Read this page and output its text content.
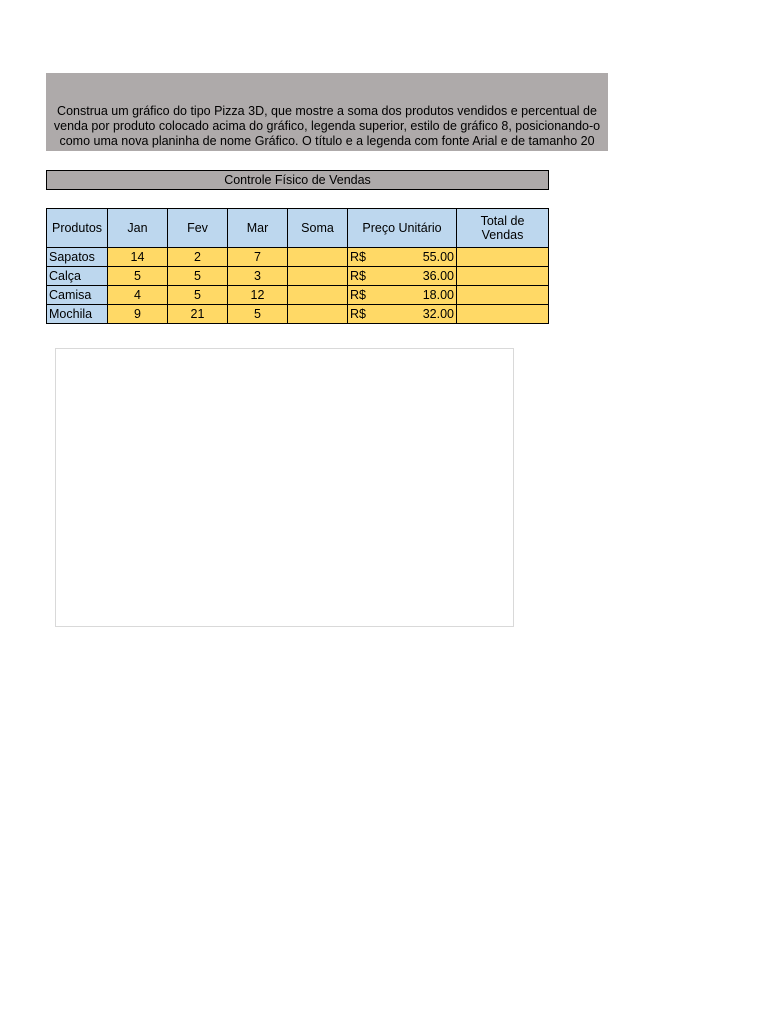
Construa um gráfico do tipo Pizza 3D, que mostre a soma dos produtos vendidos e percentual de
venda por produto colocado acima do gráfico, legenda superior, estilo de gráfico 8, posicionando-o
como uma nova planinha de nome Gráfico. O título e a legenda com fonte Arial e de tamanho 20
Controle Físico de Vendas
Produtos	Jan	Fev	Mar	Soma	Preço Unitário	Total de
Vendas
Sapatos	14	2	7		R$ 55.00	

Calça	5	5	3		R$ 36.00	

Camisa	4	5	12		R$ 18.00	

Mochila	9	21	5		R$ 32.00	
